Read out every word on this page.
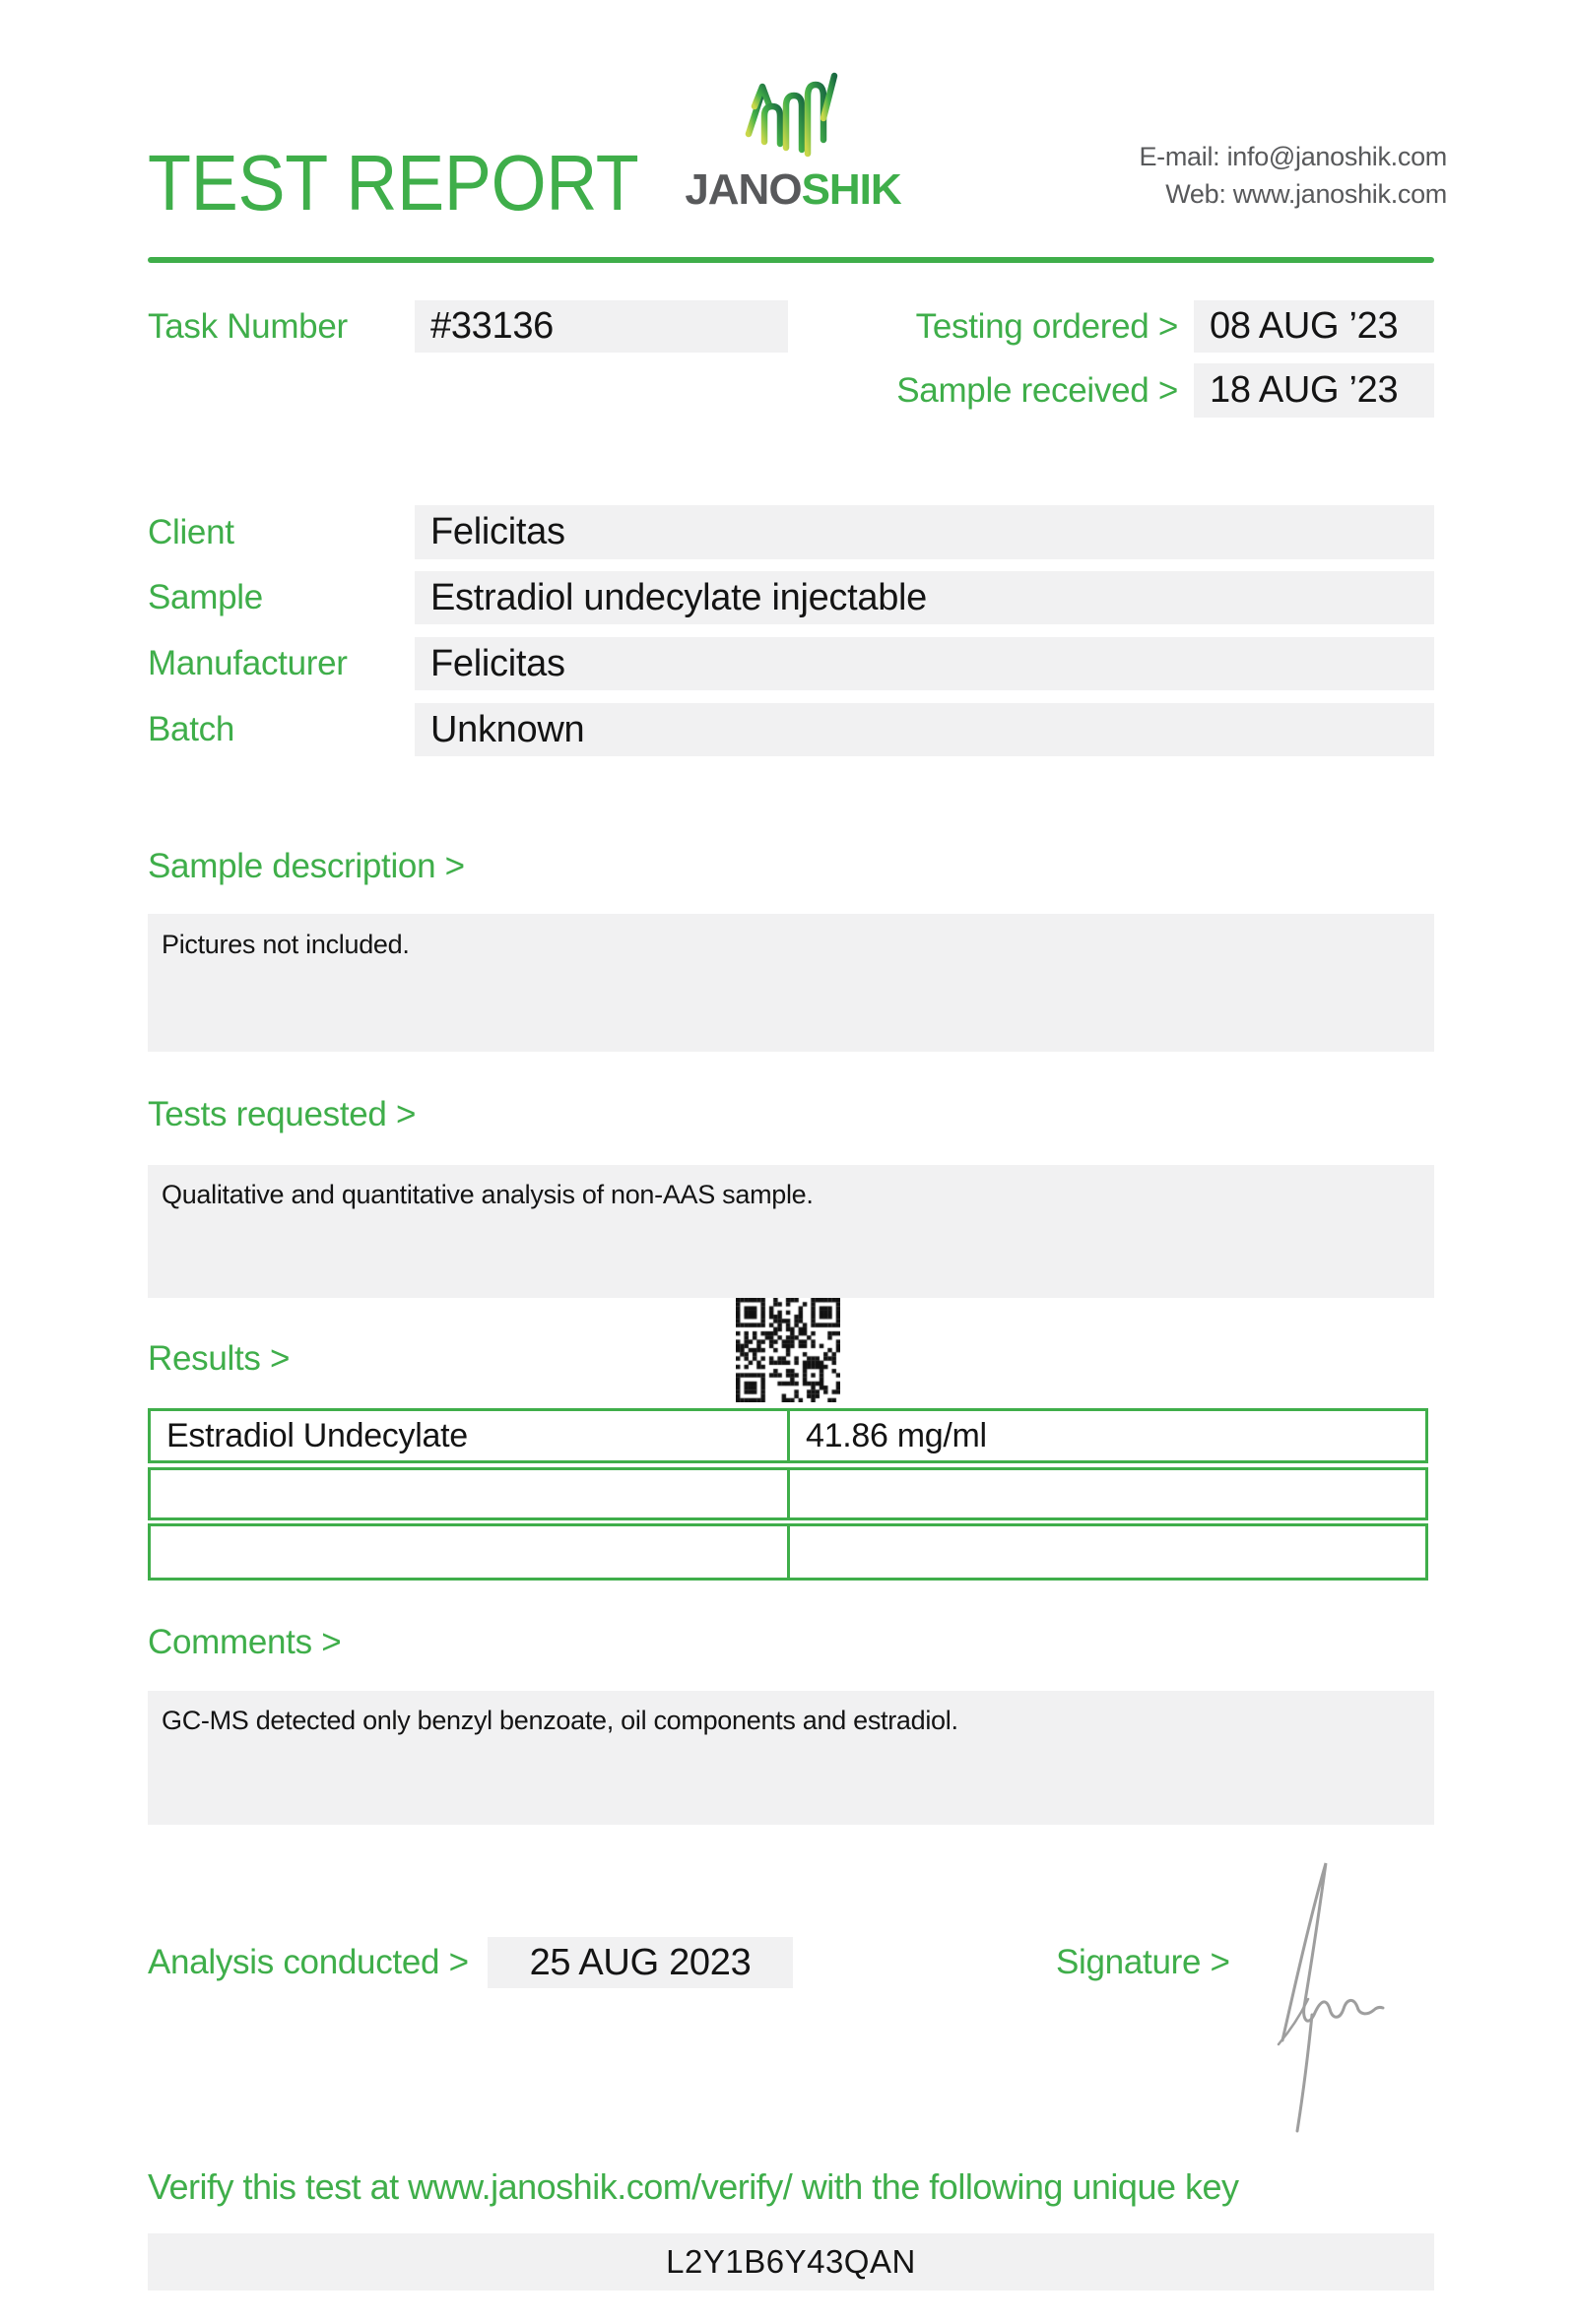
TEST REPORT JANOSHIK
E-mail: info@janoshik.com
Web: www.janoshik.com
Task Number	#33136	Testing ordered > 08 AUG ’23
Sample received > 18 AUG ’23
Client	Felicitas
Sample	Estradiol undecylate injectable
Manufacturer	Felicitas
Batch	Unknown
Sample description >
Pictures not included.
Tests requested >
Qualitative and quantitative analysis of non-AAS sample.
Results >
Estradiol Undecylate	41.86 mg/ml
Comments >
GC-MS detected only benzyl benzoate, oil components and estradiol.
Analysis conducted >	25 AUG 2023	Signature >
Verify this test at www.janoshik.com/verify/ with the following unique key
L2Y1B6Y43QAN
